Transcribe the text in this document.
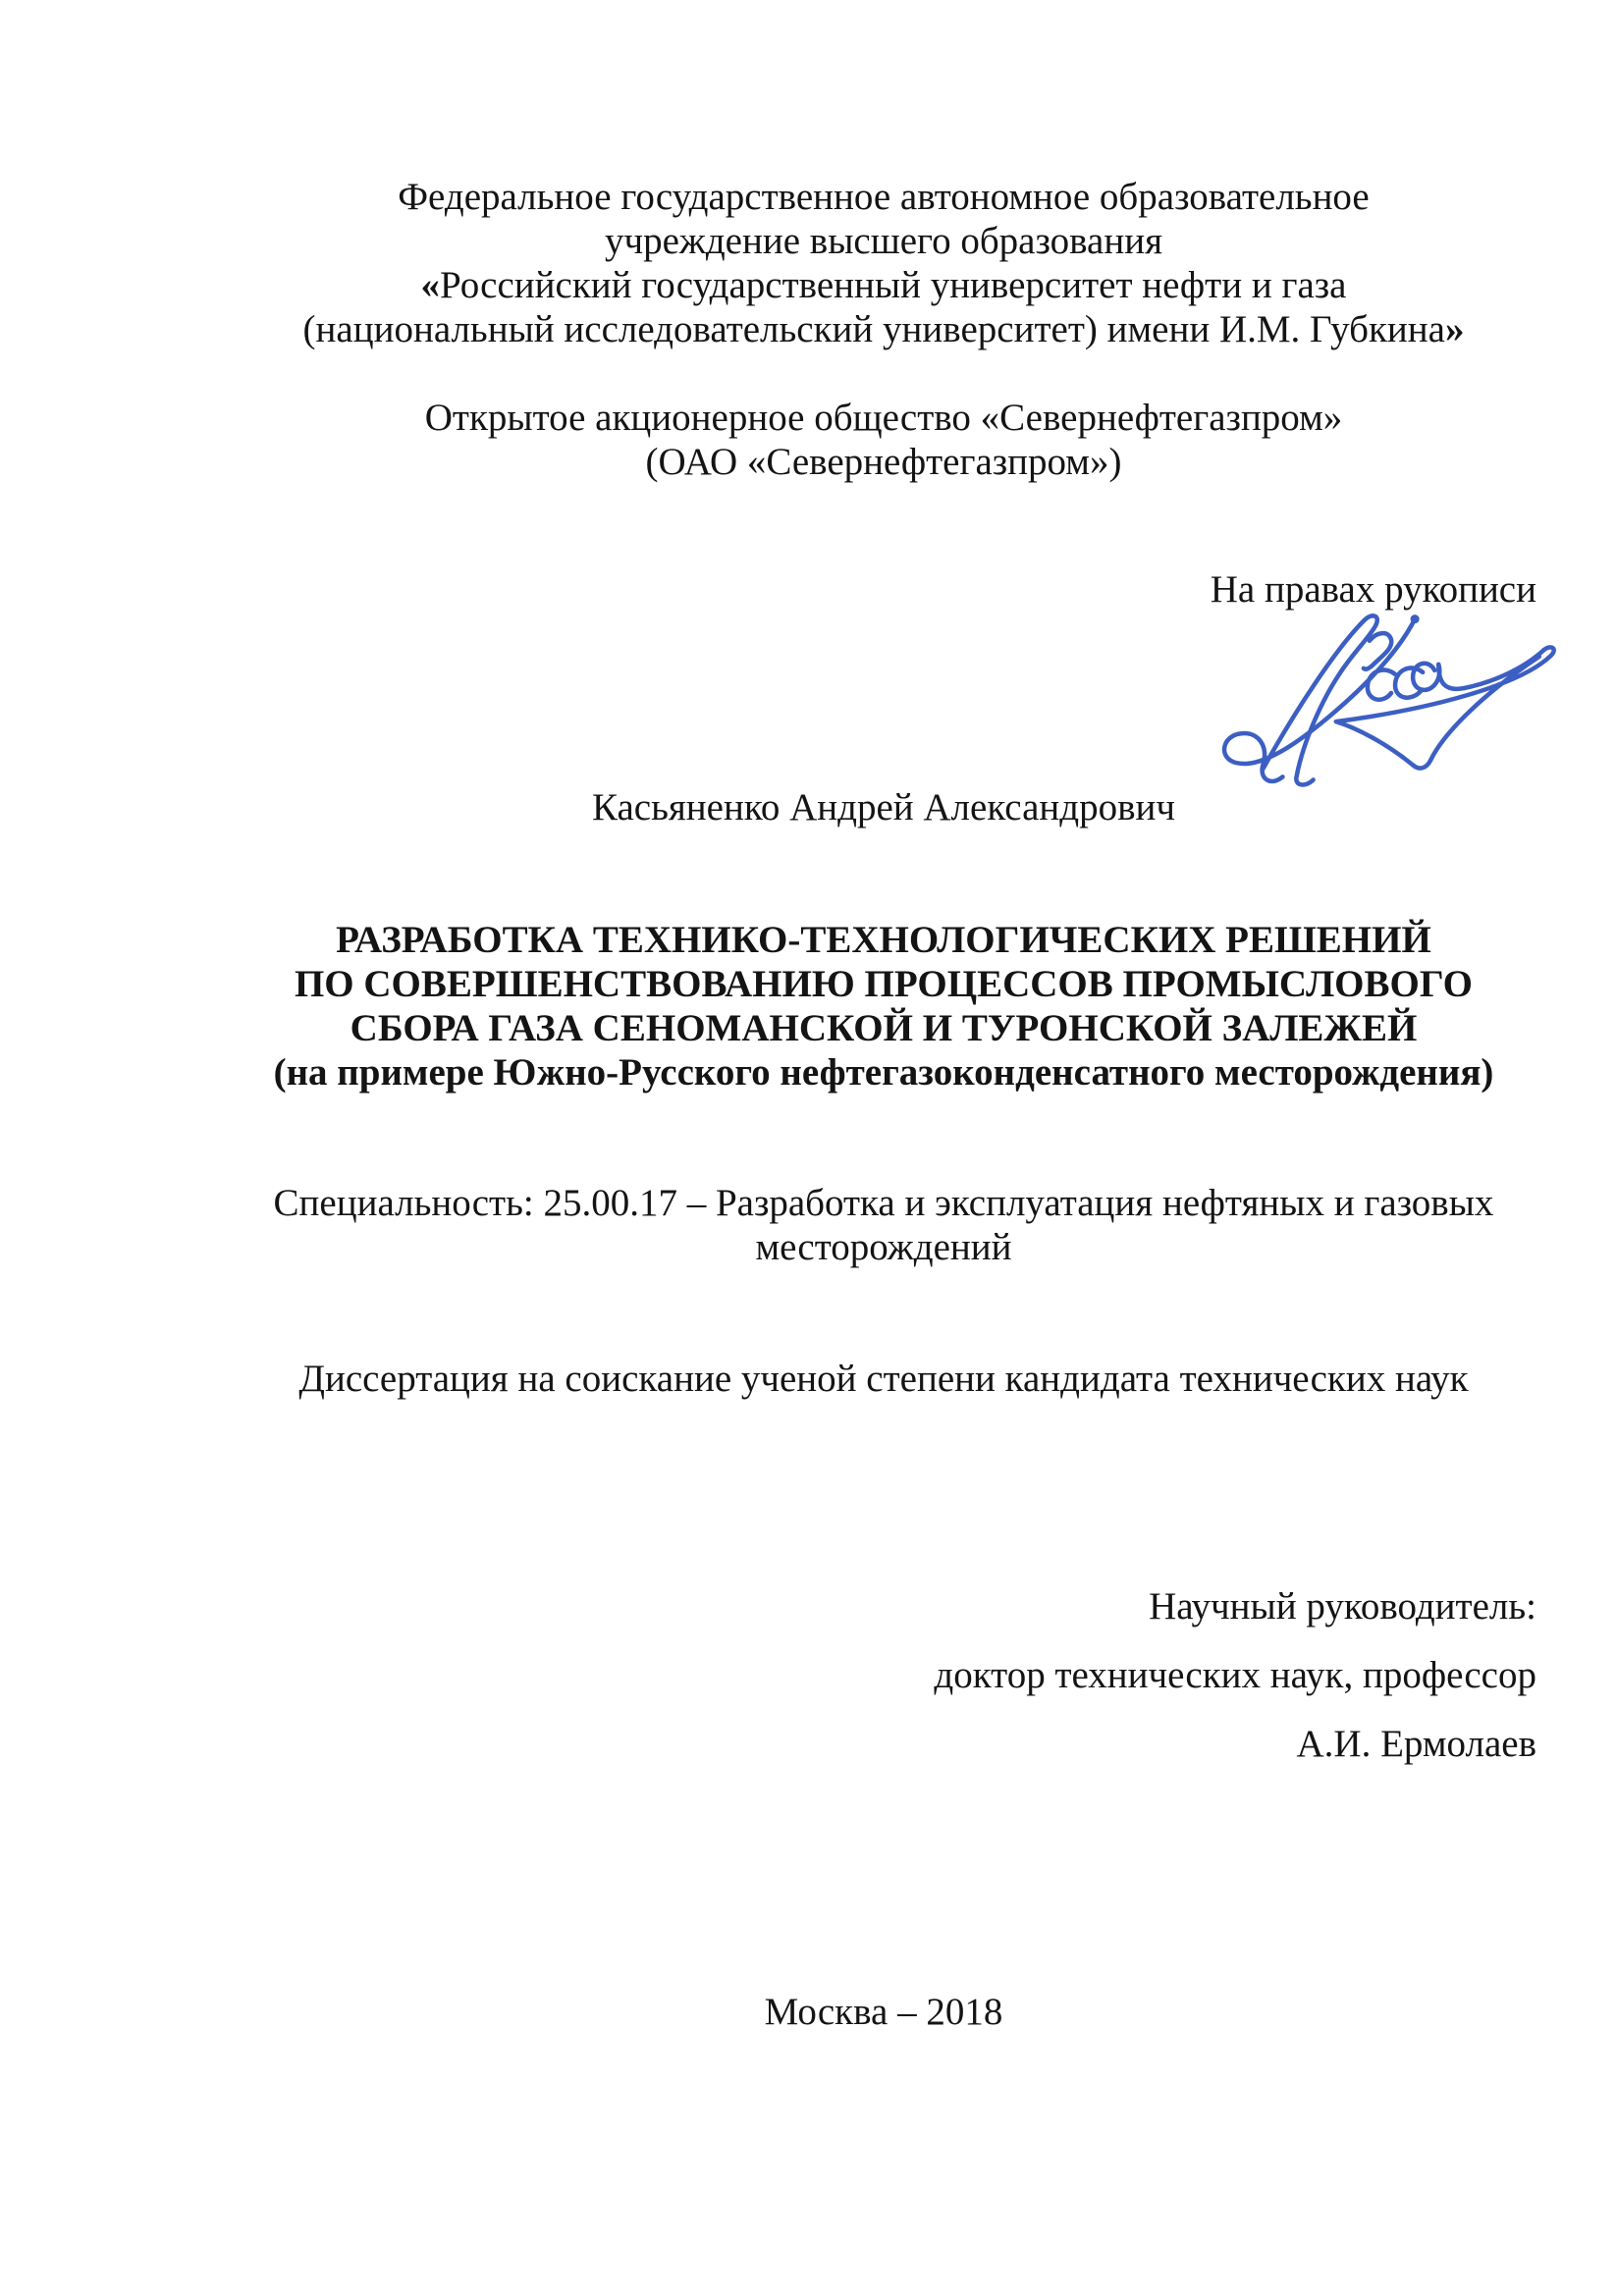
Федеральное государственное автономное образовательное
учреждение высшего образования
«Российский государственный университет нефти и газа
(национальный исследовательский университет) имени И.М. Губкина»
Открытое акционерное общество «Севернефтегазпром»
(ОАО «Севернефтегазпром»)
На правах рукописи
Касьяненко Андрей Александрович
РАЗРАБОТКА ТЕХНИКО-ТЕХНОЛОГИЧЕСКИХ РЕШЕНИЙ
ПО СОВЕРШЕНСТВОВАНИЮ ПРОЦЕССОВ ПРОМЫСЛОВОГО
СБОРА ГАЗА СЕНОМАНСКОЙ И ТУРОНСКОЙ ЗАЛЕЖЕЙ
(на примере Южно-Русского нефтегазоконденсатного месторождения)
Специальность: 25.00.17 – Разработка и эксплуатация нефтяных и газовых
месторождений
Диссертация на соискание ученой степени кандидата технических наук
Научный руководитель:
доктор технических наук, профессор
А.И. Ермолаев
Москва – 2018
